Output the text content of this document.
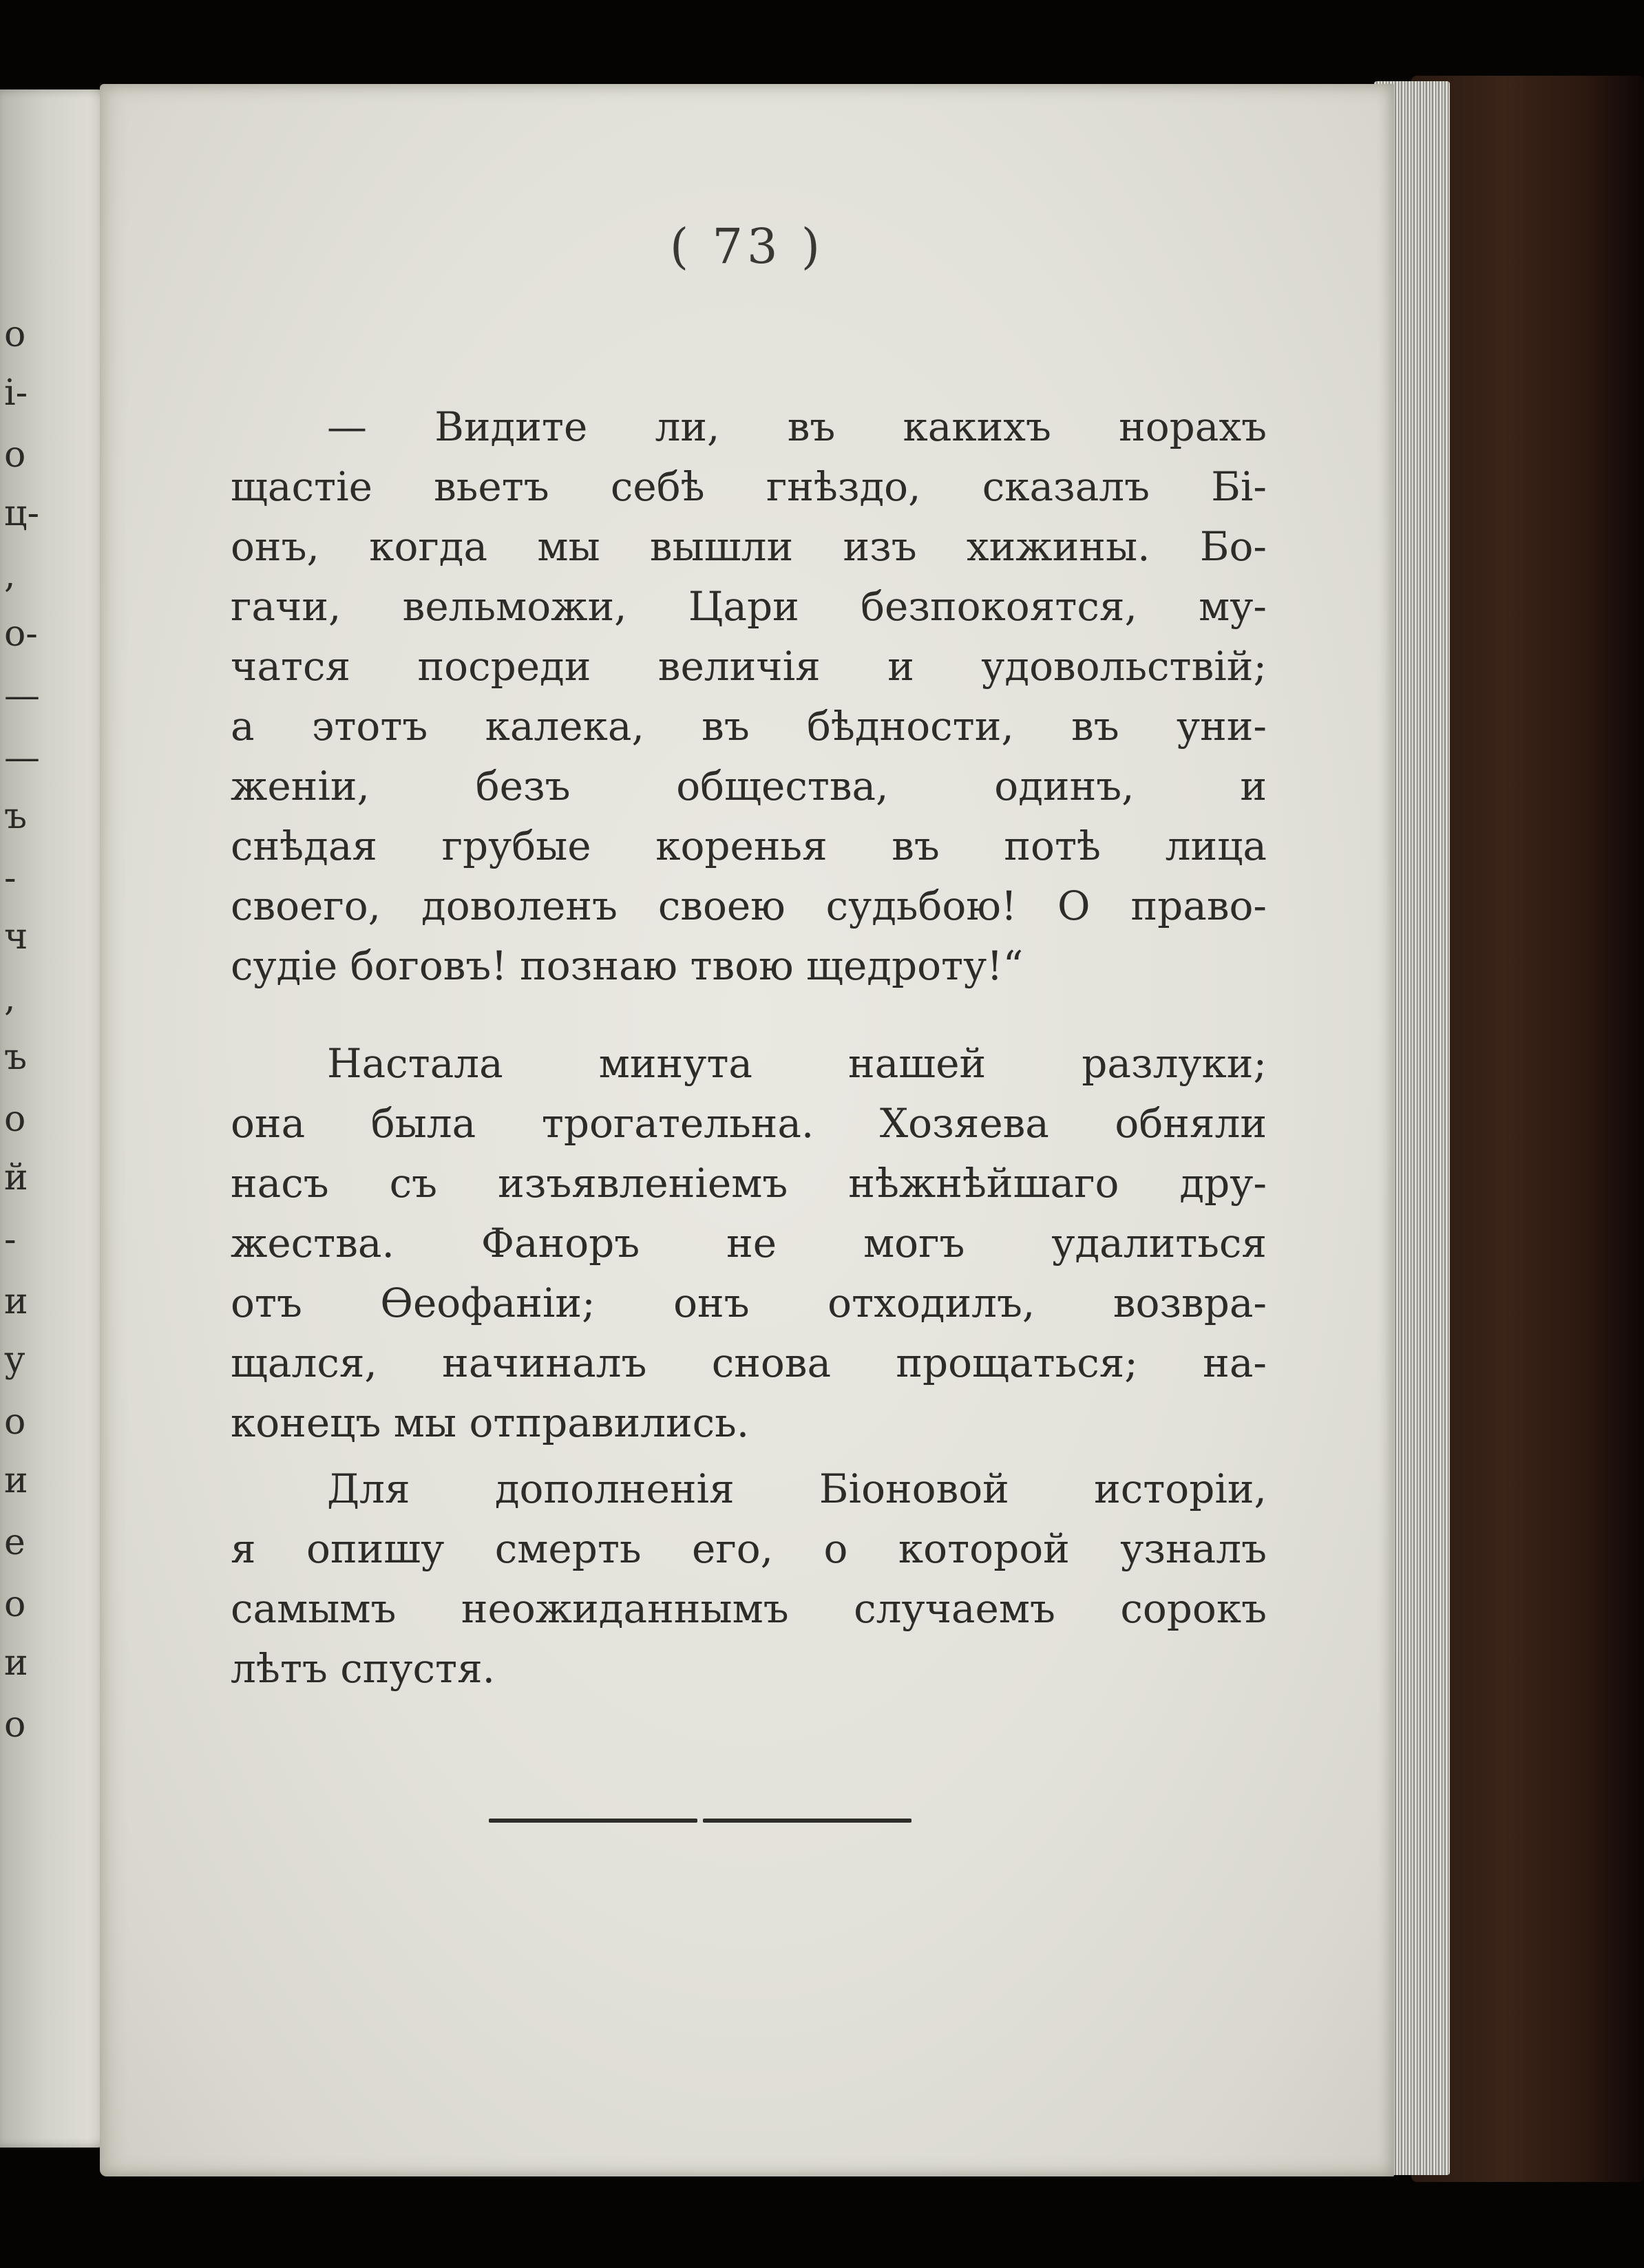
о
і-
о
ц-
,
о-
—
—
ъ
-
ч
,
ъ
о
й
-
и
у
о
и
е
о
и
о
( 73 )
— Видите ли, въ какихъ норахъ
щастіе вьетъ себѣ гнѣздо, сказалъ Бі-
онъ, когда мы вышли изъ хижины. Бо-
гачи, вельможи, Цари безпокоятся, му-
чатся посреди величія и удовольствій;
а этотъ калека, въ бѣдности, въ уни-
женіи, безъ общества, одинъ, и
снѣдая грубые коренья въ потѣ лица
своего, доволенъ своею судьбою! О право-
судіе боговъ! познаю твою щедроту!“
Настала минута нашей разлуки;
она была трогательна. Хозяева обняли
насъ съ изъявленіемъ нѣжнѣйшаго дру-
жества. Фаноръ не могъ удалиться
отъ Ѳеофаніи; онъ отходилъ, возвра-
щался, начиналъ снова прощаться; на-
конецъ мы отправились.
Для дополненія Біоновой исторіи,
я опишу смерть его, о которой узналъ
самымъ неожиданнымъ случаемъ сорокъ
лѣтъ спустя.
